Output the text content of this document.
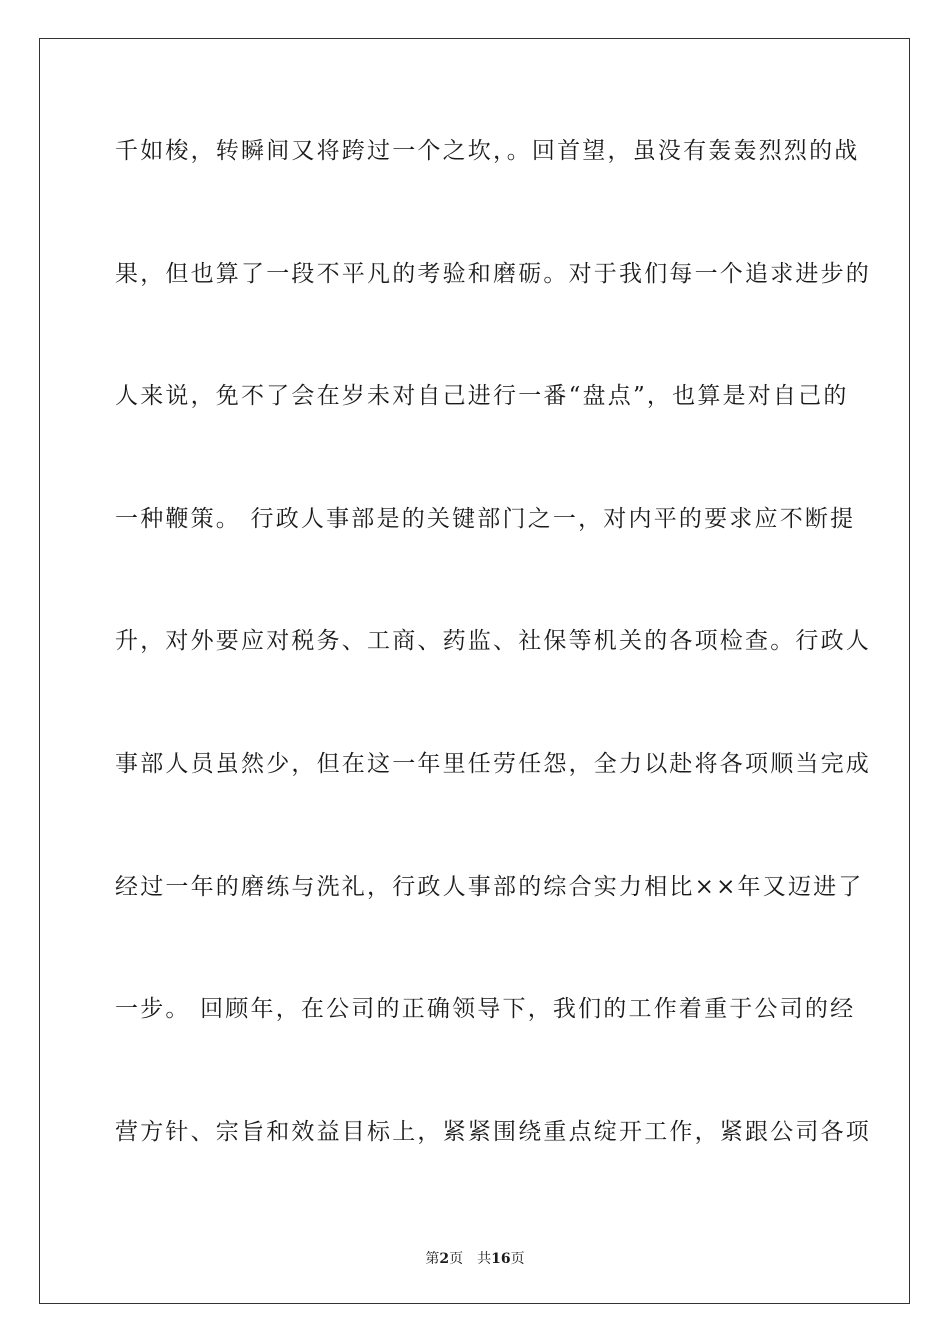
千如梭，转瞬间又将跨过一个之坎，。回首望，虽没有轰轰烈烈的战
果，但也算了一段不平凡的考验和磨砺。对于我们每一个追求进步的
人来说，免不了会在岁未对自己进行一番“盘点”，也算是对自己的
一种鞭策。 行政人事部是的关键部门之一，对内平的要求应不断提
升，对外要应对税务、工商、药监、社保等机关的各项检查。行政人
事部人员虽然少，但在这一年里任劳任怨，全力以赴将各项顺当完成
经过一年的磨练与洗礼，行政人事部的综合实力相比××年又迈进了
一步。 回顾年，在公司的正确领导下，我们的工作着重于公司的经
营方针、宗旨和效益目标上，紧紧围绕重点绽开工作，紧跟公司各项
第2页 共16页
